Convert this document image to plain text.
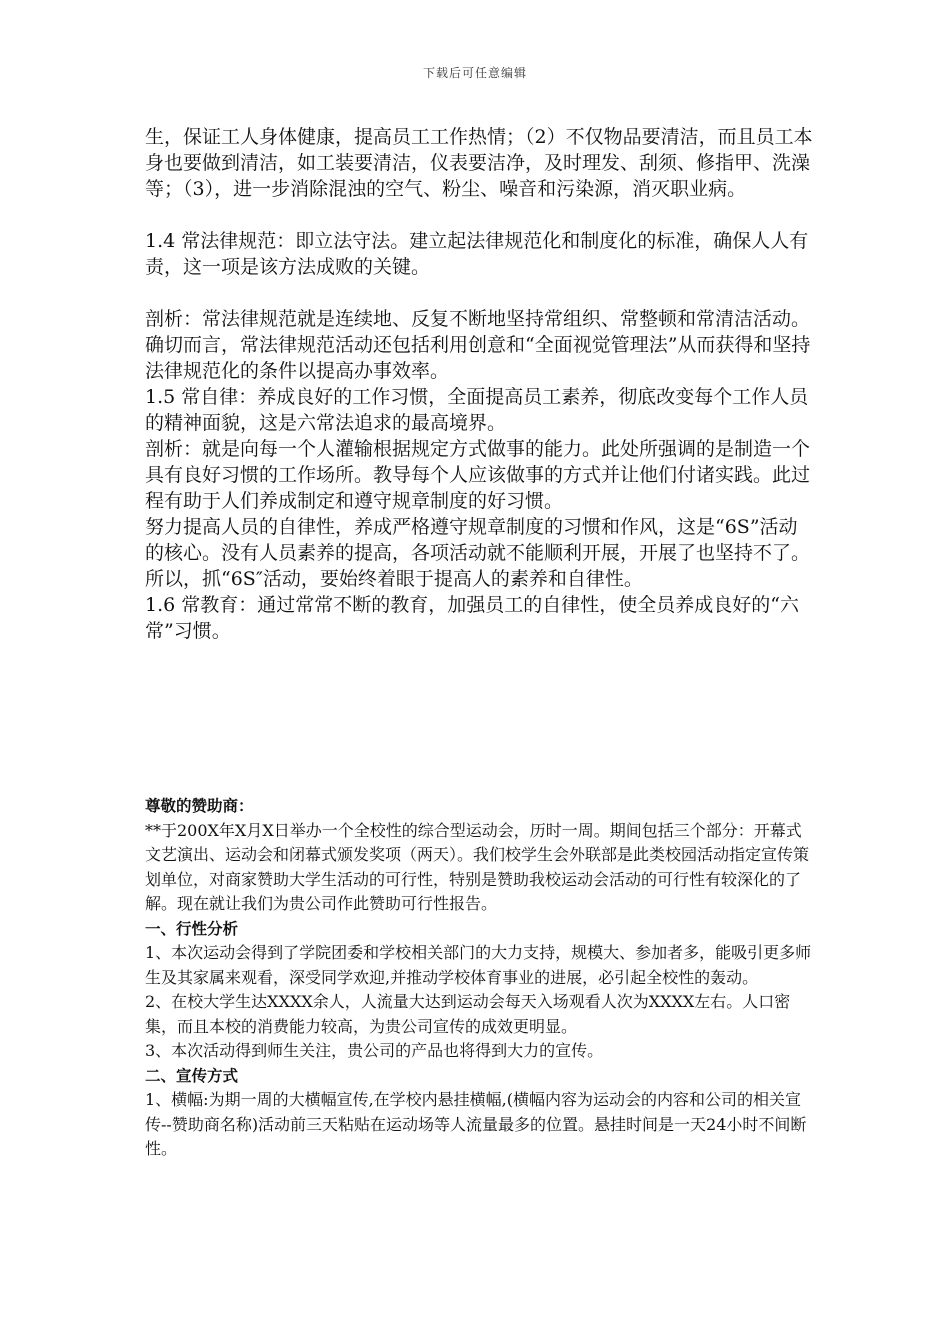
下载后可任意编辑

生，保证工人身体健康，提高员工工作热情；（2）不仅物品要清洁，而且员工本身也要做到清洁，如工装要清洁，仪表要洁净，及时理发、刮须、修指甲、洗澡等；（3），进一步消除混浊的空气、粉尘、噪音和污染源，消灭职业病。

1.4 常法律规范：即立法守法。建立起法律规范化和制度化的标准，确保人人有责，这一项是该方法成败的关键。

剖析：常法律规范就是连续地、反复不断地坚持常组织、常整顿和常清洁活动。确切而言，常法律规范活动还包括利用创意和“全面视觉管理法”从而获得和坚持法律规范化的条件以提高办事效率。

1.5 常自律：养成良好的工作习惯，全面提高员工素养，彻底改变每个工作人员的精神面貌，这是六常法追求的最高境界。

剖析：就是向每一个人灌输根据规定方式做事的能力。此处所强调的是制造一个具有良好习惯的工作场所。教导每个人应该做事的方式并让他们付诸实践。此过程有助于人们养成制定和遵守规章制度的好习惯。

努力提高人员的自律性，养成严格遵守规章制度的习惯和作风，这是“6S”活动的核心。没有人员素养的提高，各项活动就不能顺利开展，开展了也坚持不了。所以，抓“6S″活动，要始终着眼于提高人的素养和自律性。

1.6 常教育：通过常常不断的教育，加强员工的自律性，使全员养成良好的“六常”习惯。

尊敬的赞助商：

**于200X年X月X日举办一个全校性的综合型运动会，历时一周。期间包括三个部分：开幕式文艺演出、运动会和闭幕式颁发奖项（两天）。我们校学生会外联部是此类校园活动指定宣传策划单位，对商家赞助大学生活动的可行性，特别是赞助我校运动会活动的可行性有较深化的了解。现在就让我们为贵公司作此赞助可行性报告。

一、行性分析

1、本次运动会得到了学院团委和学校相关部门的大力支持，规模大、参加者多，能吸引更多师生及其家属来观看，深受同学欢迎,并推动学校体育事业的进展，必引起全校性的轰动。

2、在校大学生达XXXX余人，人流量大达到运动会每天入场观看人次为XXXX左右。人口密集，而且本校的消费能力较高，为贵公司宣传的成效更明显。

3、本次活动得到师生关注，贵公司的产品也将得到大力的宣传。

二、宣传方式

1、横幅:为期一周的大横幅宣传,在学校内悬挂横幅,(横幅内容为运动会的内容和公司的相关宣传--赞助商名称)活动前三天粘贴在运动场等人流量最多的位置。悬挂时间是一天24小时不间断性。
